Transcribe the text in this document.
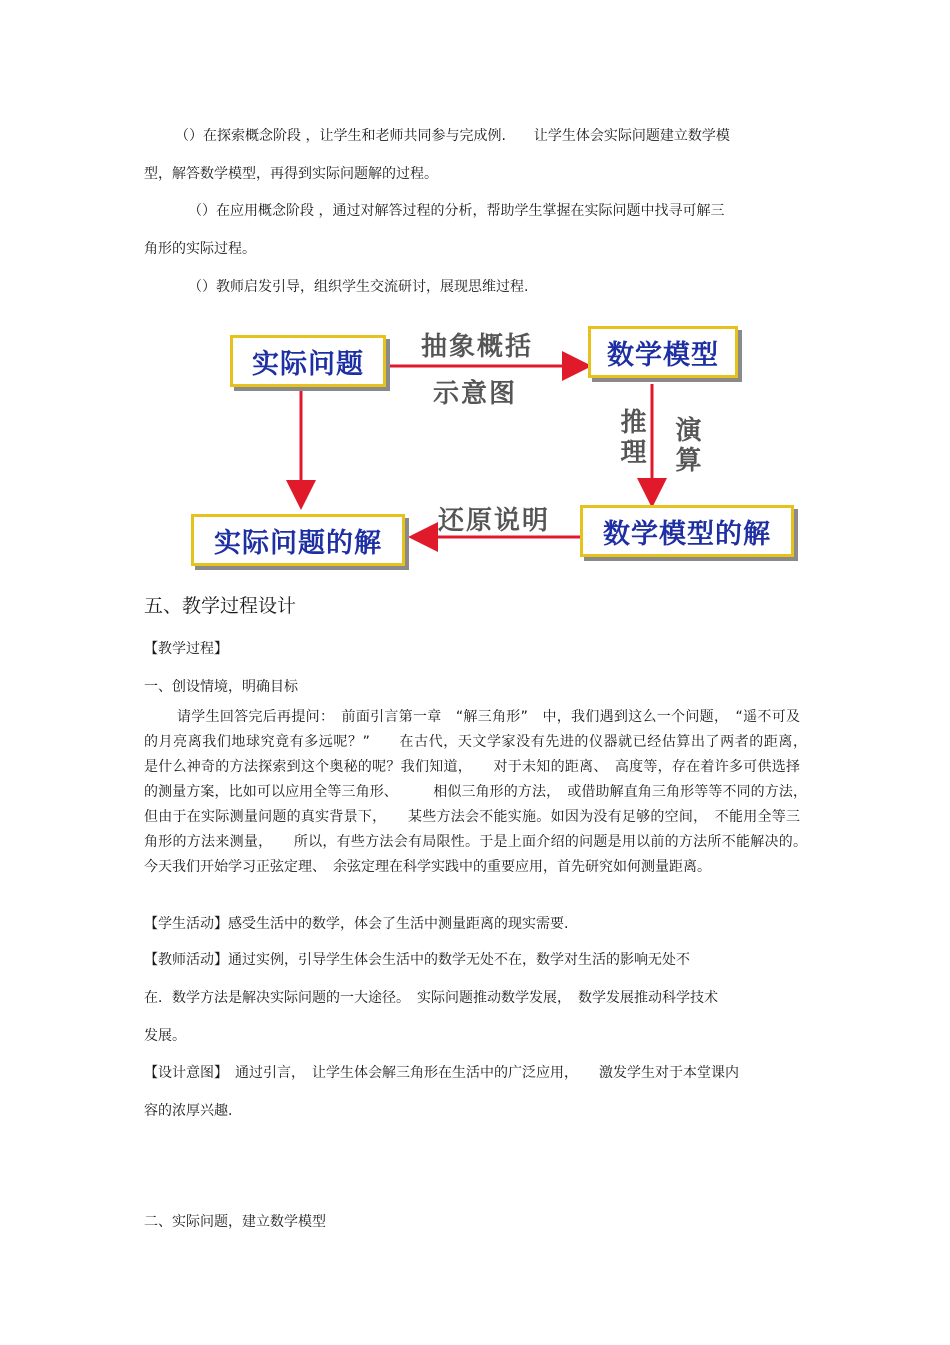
（）在探索概念阶段 ，让学生和老师共同参与完成例.　　让学生体会实际问题建立数学模
型，解答数学模型，再得到实际问题解的过程。
（）在应用概念阶段 ，通过对解答过程的分析，帮助学生掌握在实际问题中找寻可解三
角形的实际过程。
（）教师启发引导，组织学生交流研讨，展现思维过程.
实际问题	数学模型
实际问题的解	数学模型的解
抽象概括
示意图
推理 演算
还原说明
五、教学过程设计
【教学过程】
一、创设情境，明确目标
请学生回答完后再提问：　前面引言第一章　“解三角形”　中，我们遇到这么一个问题，　“遥不可及的月亮离我们地球究竟有多远呢？”　　在古代，天文学家没有先进的仪器就已经估算出了两者的距离，　是什么神奇的方法探索到这个奥秘的呢？我们知道，　　对于未知的距离、　高度等，存在着许多可供选择的测量方案，比如可以应用全等三角形、　　　相似三角形的方法，　或借助解直角三角形等等不同的方法，　　但由于在实际测量问题的真实背景下，　　某些方法会不能实施。如因为没有足够的空间，　不能用全等三角形的方法来测量，　　所以，有些方法会有局限性。于是上面介绍的问题是用以前的方法所不能解决的。　　今天我们开始学习正弦定理、　余弦定理在科学实践中的重要应用，首先研究如何测量距离。
【学生活动】感受生活中的数学，体会了生活中测量距离的现实需要.
【教师活动】通过实例，引导学生体会生活中的数学无处不在，数学对生活的影响无处不
在．数学方法是解决实际问题的一大途径。　实际问题推动数学发展，　数学发展推动科学技术
发展。
【设计意图】　通过引言，　让学生体会解三角形在生活中的广泛应用，　　激发学生对于本堂课内
容的浓厚兴趣.
二、实际问题，建立数学模型
